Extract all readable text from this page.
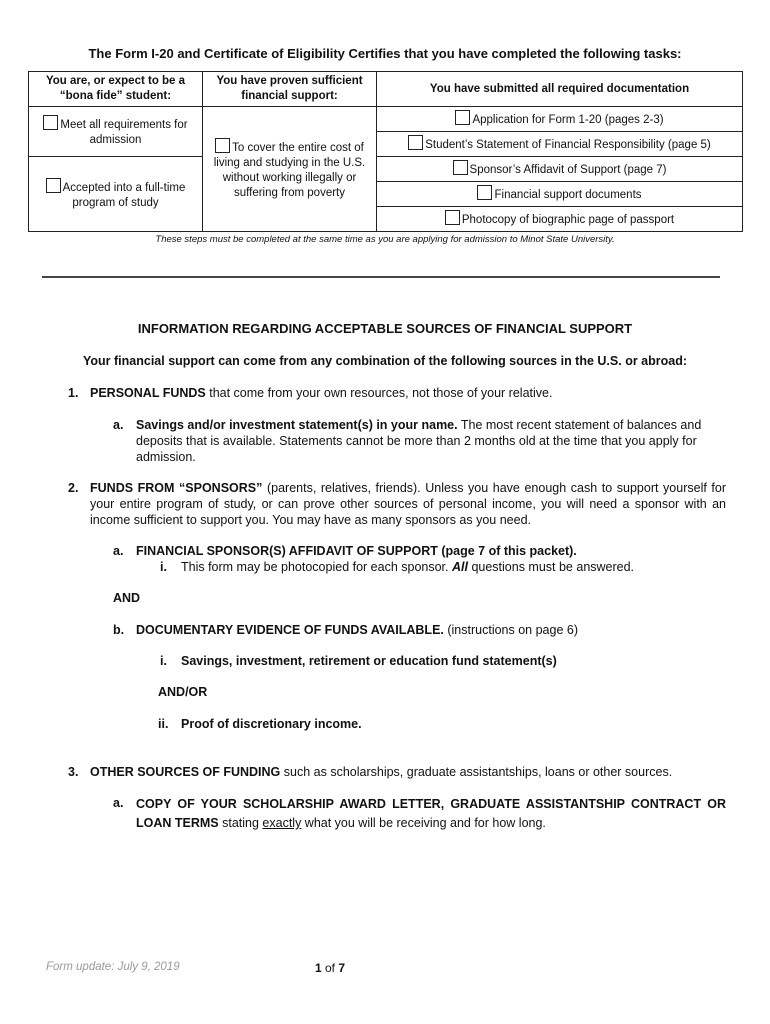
The Form I-20 and Certificate of Eligibility Certifies that you have completed the following tasks:
You are, or expect to be a “bona fide” student:	You have proven sufficient financial support:	You have submitted all required documentation
Meet all requirements for admission	To cover the entire cost of living and studying in the U.S. without working illegally or suffering from poverty	Application for Form 1-20 (pages 2-3)
		Student’s Statement of Financial Responsibility (page 5)
Accepted into a full-time program of study		Sponsor’s Affidavit of Support (page 7)
		Financial support documents
		Photocopy of biographic page of passport
These steps must be completed at the same time as you are applying for admission to Minot State University.
INFORMATION REGARDING ACCEPTABLE SOURCES OF FINANCIAL SUPPORT
Your financial support can come from any combination of the following sources in the U.S. or abroad:
1. PERSONAL FUNDS that come from your own resources, not those of your relative.
a. Savings and/or investment statement(s) in your name. The most recent statement of balances and deposits that is available. Statements cannot be more than 2 months old at the time that you apply for admission.
2. FUNDS FROM “SPONSORS” (parents, relatives, friends). Unless you have enough cash to support yourself for your entire program of study, or can prove other sources of personal income, you will need a sponsor with an income sufficient to support you. You may have as many sponsors as you need.
a. FINANCIAL SPONSOR(S) AFFIDAVIT OF SUPPORT (page 7 of this packet).
i. This form may be photocopied for each sponsor. All questions must be answered.
AND
b. DOCUMENTARY EVIDENCE OF FUNDS AVAILABLE. (instructions on page 6)
i. Savings, investment, retirement or education fund statement(s)
AND/OR
ii. Proof of discretionary income.
3. OTHER SOURCES OF FUNDING such as scholarships, graduate assistantships, loans or other sources.
a. COPY OF YOUR SCHOLARSHIP AWARD LETTER, GRADUATE ASSISTANTSHIP CONTRACT OR LOAN TERMS stating exactly what you will be receiving and for how long.
Form update: July 9, 2019	1 of 7
